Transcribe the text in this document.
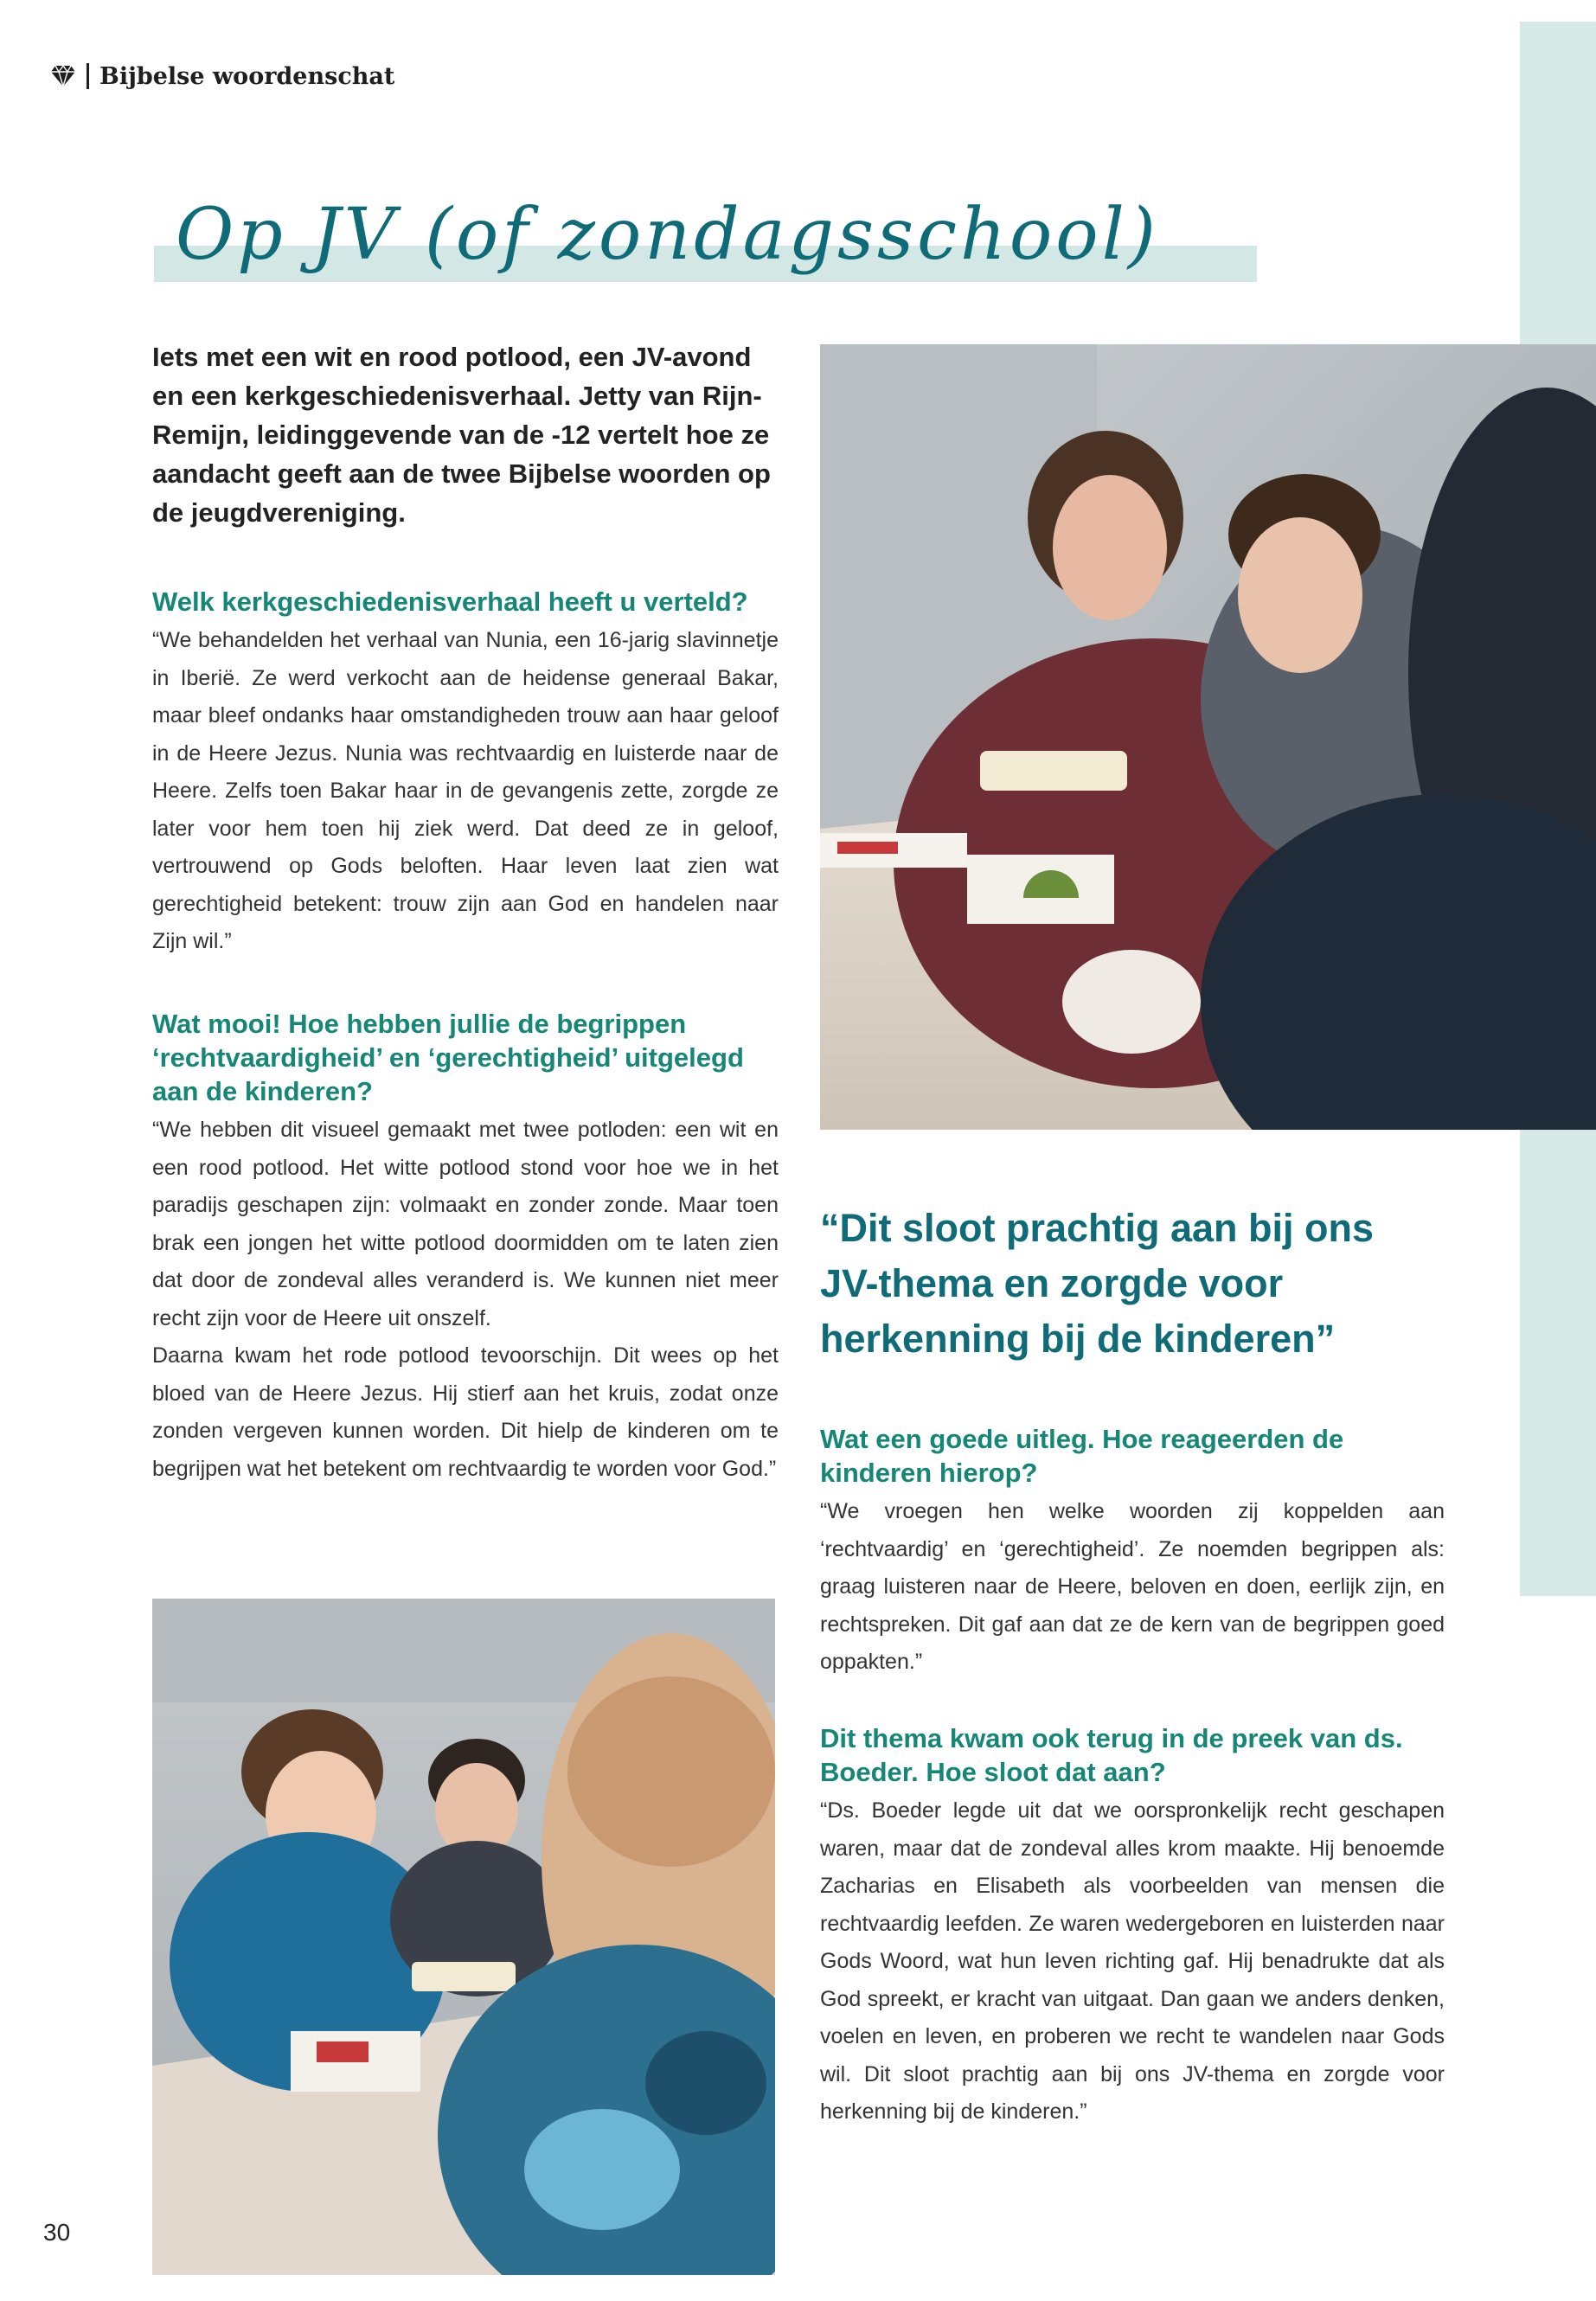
Bijbelse woordenschat
Op JV (of zondagsschool)

Iets met een wit en rood potlood, een JV-avond en een kerkgeschiedenisverhaal. Jetty van Rijn-Remijn, leidinggevende van de -12 vertelt hoe ze aandacht geeft aan de twee Bijbelse woorden op de jeugdvereniging.

Welk kerkgeschiedenisverhaal heeft u verteld?

“We behandelden het verhaal van Nunia, een 16-jarig slavinnetje in Iberië. Ze werd verkocht aan de heidense generaal Bakar, maar bleef ondanks haar omstandigheden trouw aan haar geloof in de Heere Jezus. Nunia was rechtvaardig en luisterde naar de Heere. Zelfs toen Bakar haar in de gevangenis zette, zorgde ze later voor hem toen hij ziek werd. Dat deed ze in geloof, vertrouwend op Gods beloften. Haar leven laat zien wat gerechtigheid betekent: trouw zijn aan God en handelen naar Zijn wil.”

Wat mooi! Hoe hebben jullie de begrippen ‘rechtvaardigheid’ en ‘gerechtigheid’ uitgelegd aan de kinderen?

“We hebben dit visueel gemaakt met twee potloden: een wit en een rood potlood. Het witte potlood stond voor hoe we in het paradijs geschapen zijn: volmaakt en zonder zonde. Maar toen brak een jongen het witte potlood doormidden om te laten zien dat door de zondeval alles veranderd is. We kunnen niet meer recht zijn voor de Heere uit onszelf.

Daarna kwam het rode potlood tevoorschijn. Dit wees op het bloed van de Heere Jezus. Hij stierf aan het kruis, zodat onze zonden vergeven kunnen worden. Dit hielp de kinderen om te begrijpen wat het betekent om rechtvaardig te worden voor God.”

“Dit sloot prachtig aan bij ons JV-thema en zorgde voor herkenning bij de kinderen”

Wat een goede uitleg. Hoe reageerden de kinderen hierop?

“We vroegen hen welke woorden zij koppelden aan ‘rechtvaardig’ en ‘gerechtigheid’. Ze noemden begrippen als: graag luisteren naar de Heere, beloven en doen, eerlijk zijn, en rechtspreken. Dit gaf aan dat ze de kern van de begrippen goed oppakten.”

Dit thema kwam ook terug in de preek van ds. Boeder. Hoe sloot dat aan?

“Ds. Boeder legde uit dat we oorspronkelijk recht geschapen waren, maar dat de zondeval alles krom maakte. Hij benoemde Zacharias en Elisabeth als voorbeelden van mensen die rechtvaardig leefden. Ze waren wedergeboren en luisterden naar Gods Woord, wat hun leven richting gaf. Hij benadrukte dat als God spreekt, er kracht van uitgaat. Dan gaan we anders denken, voelen en leven, en proberen we recht te wandelen naar Gods wil. Dit sloot prachtig aan bij ons JV-thema en zorgde voor herkenning bij de kinderen.”

30
